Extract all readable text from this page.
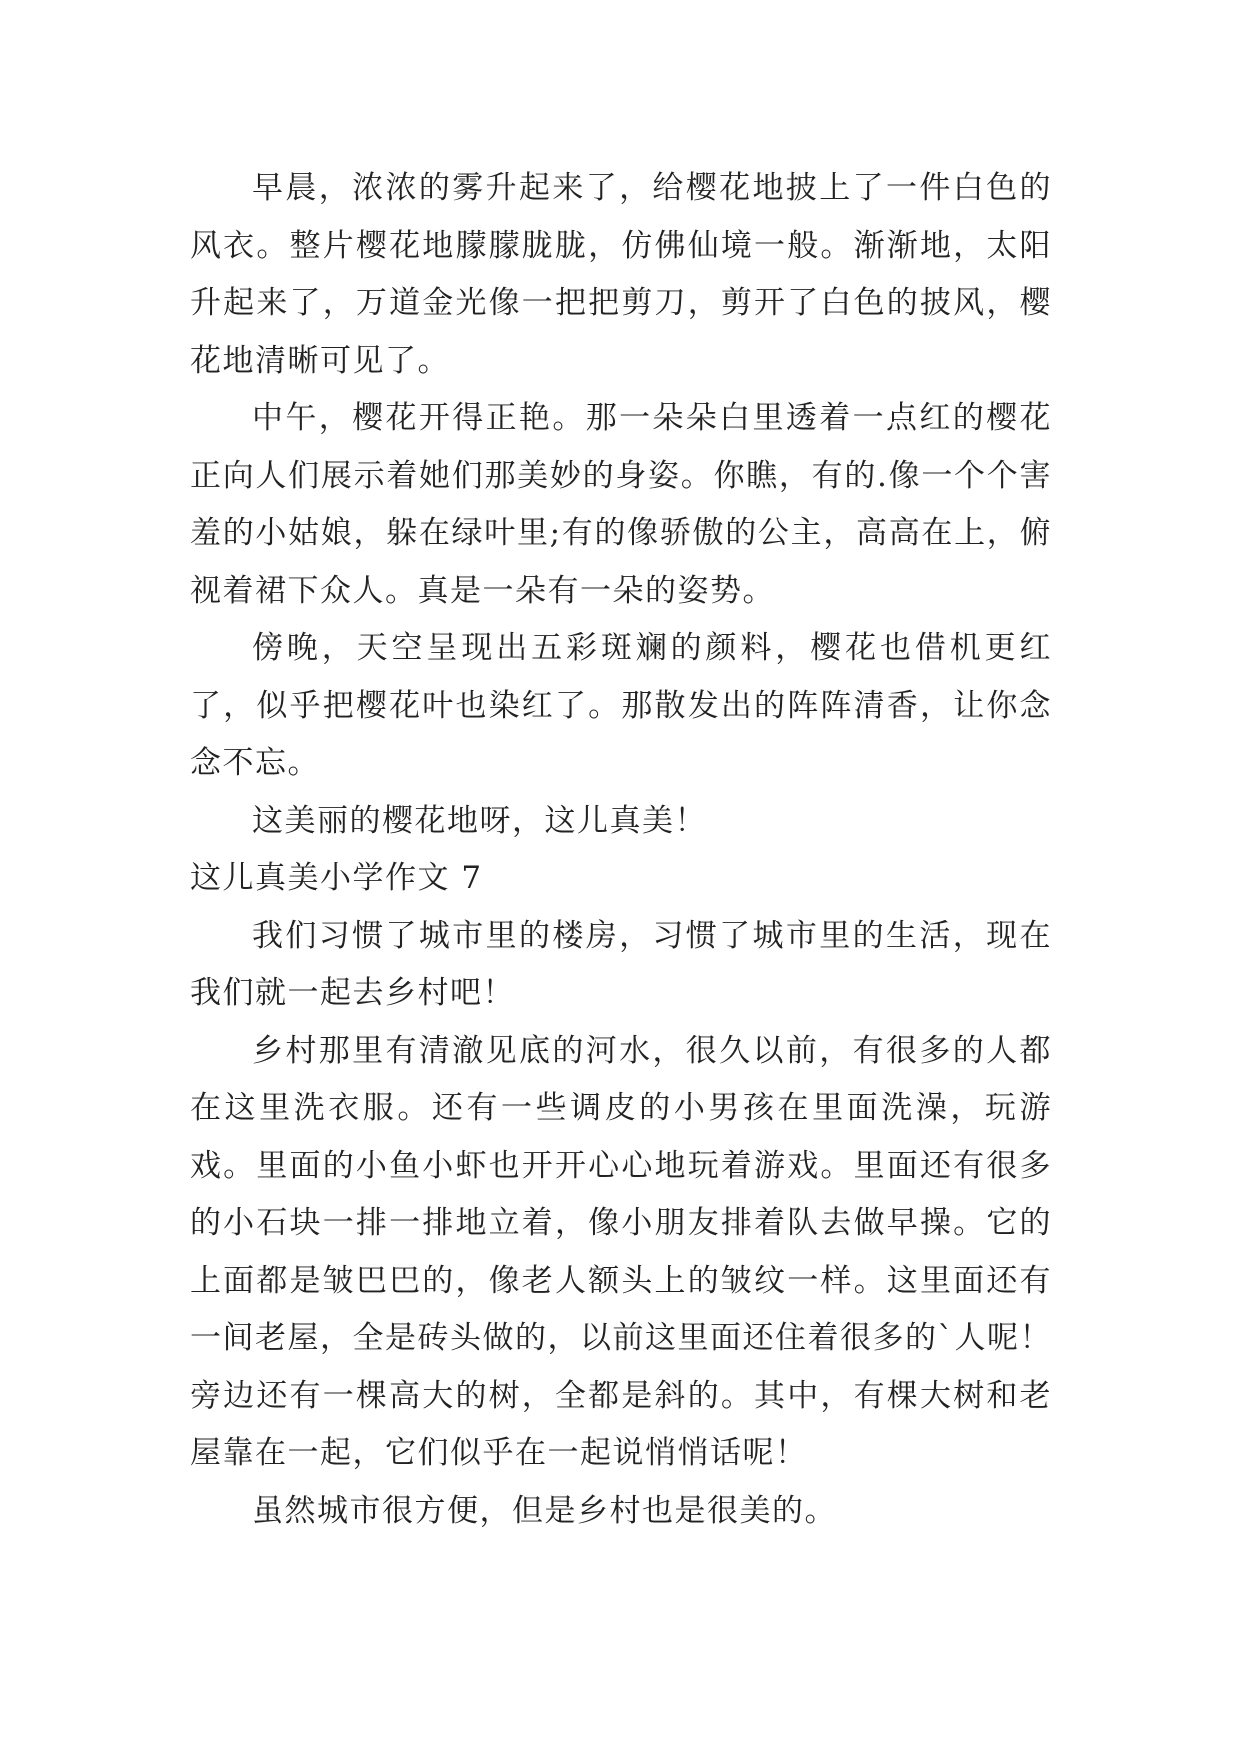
早晨，浓浓的雾升起来了，给樱花地披上了一件白色的风衣。整片樱花地朦朦胧胧，仿佛仙境一般。渐渐地，太阳升起来了，万道金光像一把把剪刀，剪开了白色的披风，樱花地清晰可见了。

中午，樱花开得正艳。那一朵朵白里透着一点红的樱花正向人们展示着她们那美妙的身姿。你瞧，有的.像一个个害羞的小姑娘，躲在绿叶里;有的像骄傲的公主，高高在上，俯视着裙下众人。真是一朵有一朵的姿势。

傍晚，天空呈现出五彩斑斓的颜料，樱花也借机更红了，似乎把樱花叶也染红了。那散发出的阵阵清香，让你念念不忘。

这美丽的樱花地呀，这儿真美！

这儿真美小学作文 7

我们习惯了城市里的楼房，习惯了城市里的生活，现在我们就一起去乡村吧！

乡村那里有清澈见底的河水，很久以前，有很多的人都在这里洗衣服。还有一些调皮的小男孩在里面洗澡，玩游戏。里面的小鱼小虾也开开心心地玩着游戏。里面还有很多的小石块一排一排地立着，像小朋友排着队去做早操。它的上面都是皱巴巴的，像老人额头上的皱纹一样。这里面还有一间老屋，全是砖头做的，以前这里面还住着很多的`人呢！旁边还有一棵高大的树，全都是斜的。其中，有棵大树和老屋靠在一起，它们似乎在一起说悄悄话呢！

虽然城市很方便，但是乡村也是很美的。
